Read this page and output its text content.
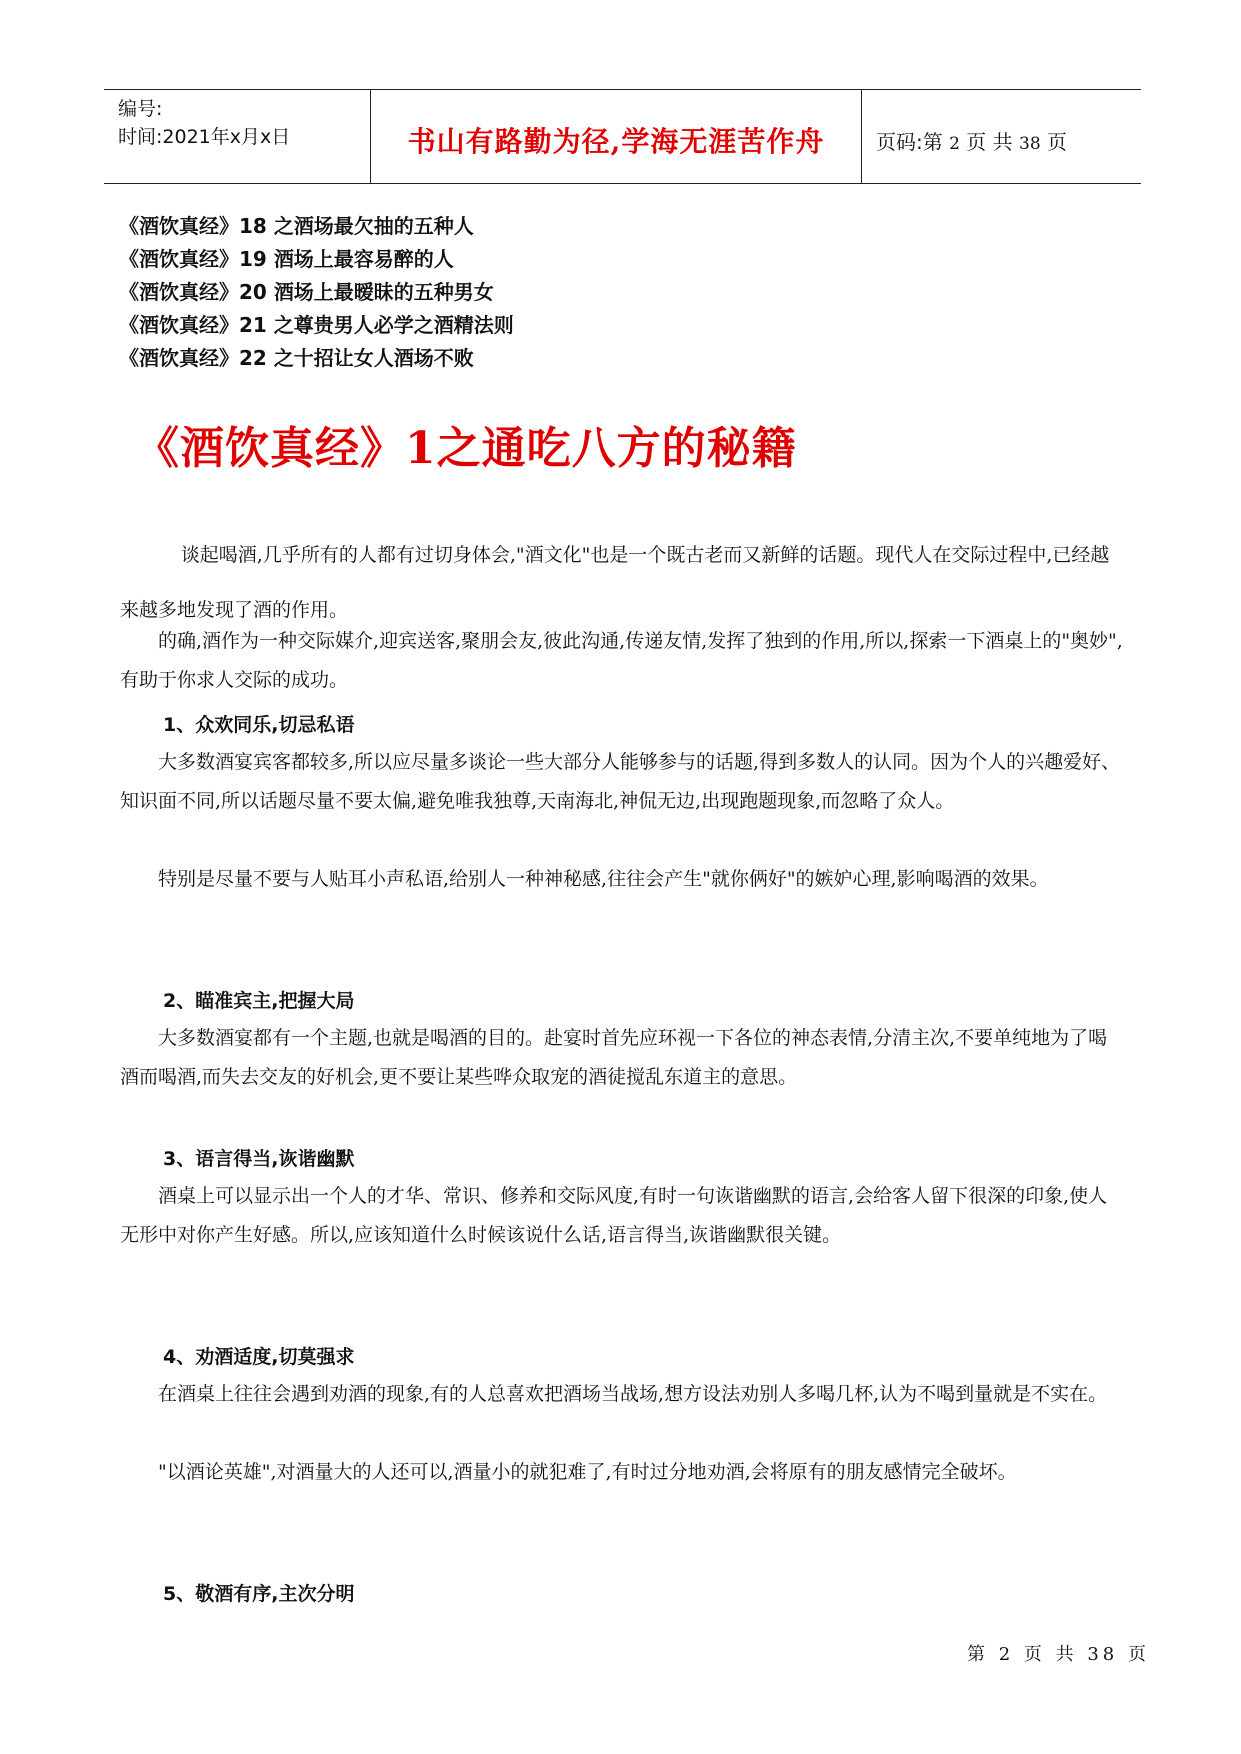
编号:
时间:2021年x月x日	书山有路勤为径,学海无涯苦作舟	页码:第 2 页 共 38 页
《酒饮真经》18 之酒场最欠抽的五种人
《酒饮真经》19 酒场上最容易醉的人
《酒饮真经》20 酒场上最暧昧的五种男女
《酒饮真经》21 之尊贵男人必学之酒精法则
《酒饮真经》22 之十招让女人酒场不败
《酒饮真经》1之通吃八方的秘籍
谈起喝酒,几乎所有的人都有过切身体会,"酒文化"也是一个既古老而又新鲜的话题。现代人在交际过程中,已经越来越多地发现了酒的作用。
的确,酒作为一种交际媒介,迎宾送客,聚朋会友,彼此沟通,传递友情,发挥了独到的作用,所以,探索一下酒桌上的"奥妙",有助于你求人交际的成功。
1、众欢同乐,切忌私语
大多数酒宴宾客都较多,所以应尽量多谈论一些大部分人能够参与的话题,得到多数人的认同。因为个人的兴趣爱好、知识面不同,所以话题尽量不要太偏,避免唯我独尊,天南海北,神侃无边,出现跑题现象,而忽略了众人。
特别是尽量不要与人贴耳小声私语,给别人一种神秘感,往往会产生"就你俩好"的嫉妒心理,影响喝酒的效果。
2、瞄准宾主,把握大局
大多数酒宴都有一个主题,也就是喝酒的目的。赴宴时首先应环视一下各位的神态表情,分清主次,不要单纯地为了喝酒而喝酒,而失去交友的好机会,更不要让某些哗众取宠的酒徒搅乱东道主的意思。
3、语言得当,诙谐幽默
酒桌上可以显示出一个人的才华、常识、修养和交际风度,有时一句诙谐幽默的语言,会给客人留下很深的印象,使人无形中对你产生好感。所以,应该知道什么时候该说什么话,语言得当,诙谐幽默很关键。
4、劝酒适度,切莫强求
在酒桌上往往会遇到劝酒的现象,有的人总喜欢把酒场当战场,想方设法劝别人多喝几杯,认为不喝到量就是不实在。
"以酒论英雄",对酒量大的人还可以,酒量小的就犯难了,有时过分地劝酒,会将原有的朋友感情完全破坏。
5、敬酒有序,主次分明
第 2 页 共 38 页
